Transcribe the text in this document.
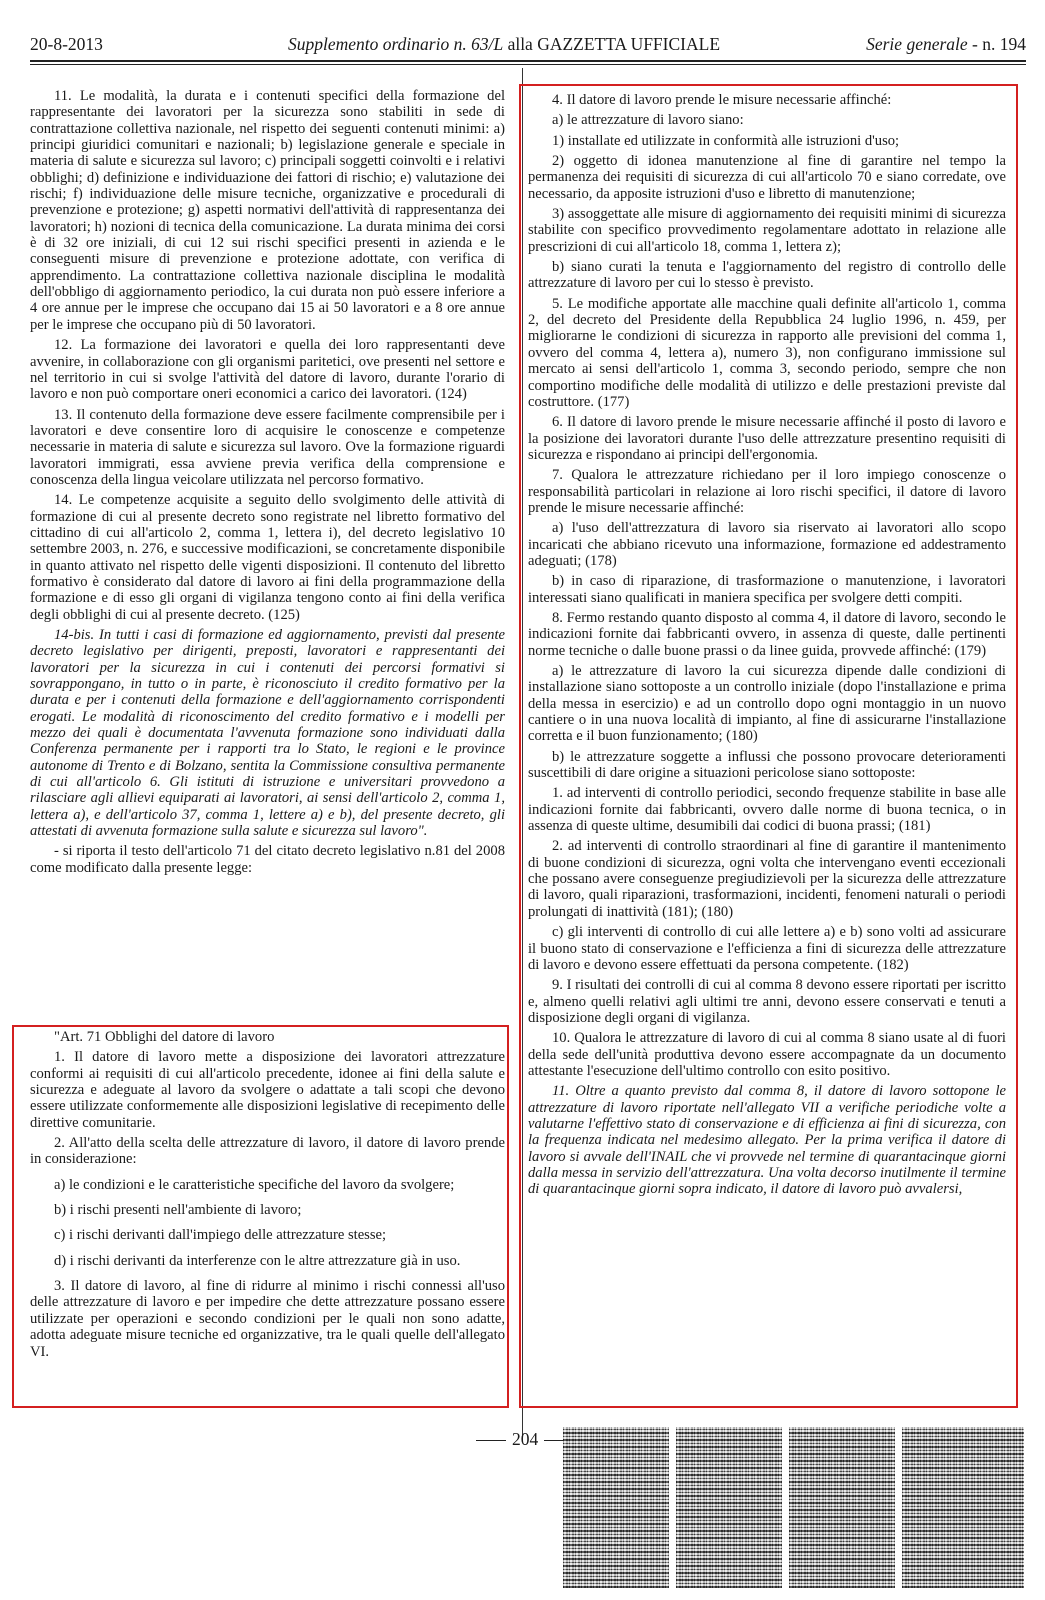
20-8-2013	Supplemento ordinario n. 63/L alla GAZZETTA UFFICIALE	Serie generale - n. 194

11. Le modalità, la durata e i contenuti specifici della formazione del rappresentante dei lavoratori per la sicurezza sono stabiliti in sede di contrattazione collettiva nazionale, nel rispetto dei seguenti contenuti minimi: a) principi giuridici comunitari e nazionali; b) legislazione generale e speciale in materia di salute e sicurezza sul lavoro; c) principali soggetti coinvolti e i relativi obblighi; d) definizione e individuazione dei fattori di rischio; e) valutazione dei rischi; f) individuazione delle misure tecniche, organizzative e procedurali di prevenzione e protezione; g) aspetti normativi dell'attività di rappresentanza dei lavoratori; h) nozioni di tecnica della comunicazione. La durata minima dei corsi è di 32 ore iniziali, di cui 12 sui rischi specifici presenti in azienda e le conseguenti misure di prevenzione e protezione adottate, con verifica di apprendimento. La contrattazione collettiva nazionale disciplina le modalità dell'obbligo di aggiornamento periodico, la cui durata non può essere inferiore a 4 ore annue per le imprese che occupano dai 15 ai 50 lavoratori e a 8 ore annue per le imprese che occupano più di 50 lavoratori.

12. La formazione dei lavoratori e quella dei loro rappresentanti deve avvenire, in collaborazione con gli organismi paritetici, ove presenti nel settore e nel territorio in cui si svolge l'attività del datore di lavoro, durante l'orario di lavoro e non può comportare oneri economici a carico dei lavoratori. (124)

13. Il contenuto della formazione deve essere facilmente comprensibile per i lavoratori e deve consentire loro di acquisire le conoscenze e competenze necessarie in materia di salute e sicurezza sul lavoro. Ove la formazione riguardi lavoratori immigrati, essa avviene previa verifica della comprensione e conoscenza della lingua veicolare utilizzata nel percorso formativo.

14. Le competenze acquisite a seguito dello svolgimento delle attività di formazione di cui al presente decreto sono registrate nel libretto formativo del cittadino di cui all'articolo 2, comma 1, lettera i), del decreto legislativo 10 settembre 2003, n. 276, e successive modificazioni, se concretamente disponibile in quanto attivato nel rispetto delle vigenti disposizioni. Il contenuto del libretto formativo è considerato dal datore di lavoro ai fini della programmazione della formazione e di esso gli organi di vigilanza tengono conto ai fini della verifica degli obblighi di cui al presente decreto. (125)

14-bis. In tutti i casi di formazione ed aggiornamento, previsti dal presente decreto legislativo per dirigenti, preposti, lavoratori e rappresentanti dei lavoratori per la sicurezza in cui i contenuti dei percorsi formativi si sovrappongano, in tutto o in parte, è riconosciuto il credito formativo per la durata e per i contenuti della formazione e dell'aggiornamento corrispondenti erogati. Le modalità di riconoscimento del credito formativo e i modelli per mezzo dei quali è documentata l'avvenuta formazione sono individuati dalla Conferenza permanente per i rapporti tra lo Stato, le regioni e le province autonome di Trento e di Bolzano, sentita la Commissione consultiva permanente di cui all'articolo 6. Gli istituti di istruzione e universitari provvedono a rilasciare agli allievi equiparati ai lavoratori, ai sensi dell'articolo 2, comma 1, lettera a), e dell'articolo 37, comma 1, lettere a) e b), del presente decreto, gli attestati di avvenuta formazione sulla salute e sicurezza sul lavoro".

- si riporta il testo dell'articolo 71 del citato decreto legislativo n.81 del 2008 come modificato dalla presente legge:

"Art. 71 Obblighi del datore di lavoro

1. Il datore di lavoro mette a disposizione dei lavoratori attrezzature conformi ai requisiti di cui all'articolo precedente, idonee ai fini della salute e sicurezza e adeguate al lavoro da svolgere o adattate a tali scopi che devono essere utilizzate conformemente alle disposizioni legislative di recepimento delle direttive comunitarie.

2. All'atto della scelta delle attrezzature di lavoro, il datore di lavoro prende in considerazione:

a) le condizioni e le caratteristiche specifiche del lavoro da svolgere;

b) i rischi presenti nell'ambiente di lavoro;

c) i rischi derivanti dall'impiego delle attrezzature stesse;

d) i rischi derivanti da interferenze con le altre attrezzature già in uso.

3. Il datore di lavoro, al fine di ridurre al minimo i rischi connessi all'uso delle attrezzature di lavoro e per impedire che dette attrezzature possano essere utilizzate per operazioni e secondo condizioni per le quali non sono adatte, adotta adeguate misure tecniche ed organizzative, tra le quali quelle dell'allegato VI.

4. Il datore di lavoro prende le misure necessarie affinché:

a) le attrezzature di lavoro siano:

1) installate ed utilizzate in conformità alle istruzioni d'uso;

2) oggetto di idonea manutenzione al fine di garantire nel tempo la permanenza dei requisiti di sicurezza di cui all'articolo 70 e siano corredate, ove necessario, da apposite istruzioni d'uso e libretto di manutenzione;

3) assoggettate alle misure di aggiornamento dei requisiti minimi di sicurezza stabilite con specifico provvedimento regolamentare adottato in relazione alle prescrizioni di cui all'articolo 18, comma 1, lettera z);

b) siano curati la tenuta e l'aggiornamento del registro di controllo delle attrezzature di lavoro per cui lo stesso è previsto.

5. Le modifiche apportate alle macchine quali definite all'articolo 1, comma 2, del decreto del Presidente della Repubblica 24 luglio 1996, n. 459, per migliorarne le condizioni di sicurezza in rapporto alle previsioni del comma 1, ovvero del comma 4, lettera a), numero 3), non configurano immissione sul mercato ai sensi dell'articolo 1, comma 3, secondo periodo, sempre che non comportino modifiche delle modalità di utilizzo e delle prestazioni previste dal costruttore. (177)

6. Il datore di lavoro prende le misure necessarie affinché il posto di lavoro e la posizione dei lavoratori durante l'uso delle attrezzature presentino requisiti di sicurezza e rispondano ai principi dell'ergonomia.

7. Qualora le attrezzature richiedano per il loro impiego conoscenze o responsabilità particolari in relazione ai loro rischi specifici, il datore di lavoro prende le misure necessarie affinché:

a) l'uso dell'attrezzatura di lavoro sia riservato ai lavoratori allo scopo incaricati che abbiano ricevuto una informazione, formazione ed addestramento adeguati; (178)

b) in caso di riparazione, di trasformazione o manutenzione, i lavoratori interessati siano qualificati in maniera specifica per svolgere detti compiti.

8. Fermo restando quanto disposto al comma 4, il datore di lavoro, secondo le indicazioni fornite dai fabbricanti ovvero, in assenza di queste, dalle pertinenti norme tecniche o dalle buone prassi o da linee guida, provvede affinché: (179)

a) le attrezzature di lavoro la cui sicurezza dipende dalle condizioni di installazione siano sottoposte a un controllo iniziale (dopo l'installazione e prima della messa in esercizio) e ad un controllo dopo ogni montaggio in un nuovo cantiere o in una nuova località di impianto, al fine di assicurarne l'installazione corretta e il buon funzionamento; (180)

b) le attrezzature soggette a influssi che possono provocare deterioramenti suscettibili di dare origine a situazioni pericolose siano sottoposte:

1. ad interventi di controllo periodici, secondo frequenze stabilite in base alle indicazioni fornite dai fabbricanti, ovvero dalle norme di buona tecnica, o in assenza di queste ultime, desumibili dai codici di buona prassi; (181)

2. ad interventi di controllo straordinari al fine di garantire il mantenimento di buone condizioni di sicurezza, ogni volta che intervengano eventi eccezionali che possano avere conseguenze pregiudizievoli per la sicurezza delle attrezzature di lavoro, quali riparazioni, trasformazioni, incidenti, fenomeni naturali o periodi prolungati di inattività (181); (180)

c) gli interventi di controllo di cui alle lettere a) e b) sono volti ad assicurare il buono stato di conservazione e l'efficienza a fini di sicurezza delle attrezzature di lavoro e devono essere effettuati da persona competente. (182)

9. I risultati dei controlli di cui al comma 8 devono essere riportati per iscritto e, almeno quelli relativi agli ultimi tre anni, devono essere conservati e tenuti a disposizione degli organi di vigilanza.

10. Qualora le attrezzature di lavoro di cui al comma 8 siano usate al di fuori della sede dell'unità produttiva devono essere accompagnate da un documento attestante l'esecuzione dell'ultimo controllo con esito positivo.

11. Oltre a quanto previsto dal comma 8, il datore di lavoro sottopone le attrezzature di lavoro riportate nell'allegato VII a verifiche periodiche volte a valutarne l'effettivo stato di conservazione e di efficienza ai fini di sicurezza, con la frequenza indicata nel medesimo allegato. Per la prima verifica il datore di lavoro si avvale dell'INAIL che vi provvede nel termine di quarantacinque giorni dalla messa in servizio dell'attrezzatura. Una volta decorso inutilmente il termine di quarantacinque giorni sopra indicato, il datore di lavoro può avvalersi,

204
